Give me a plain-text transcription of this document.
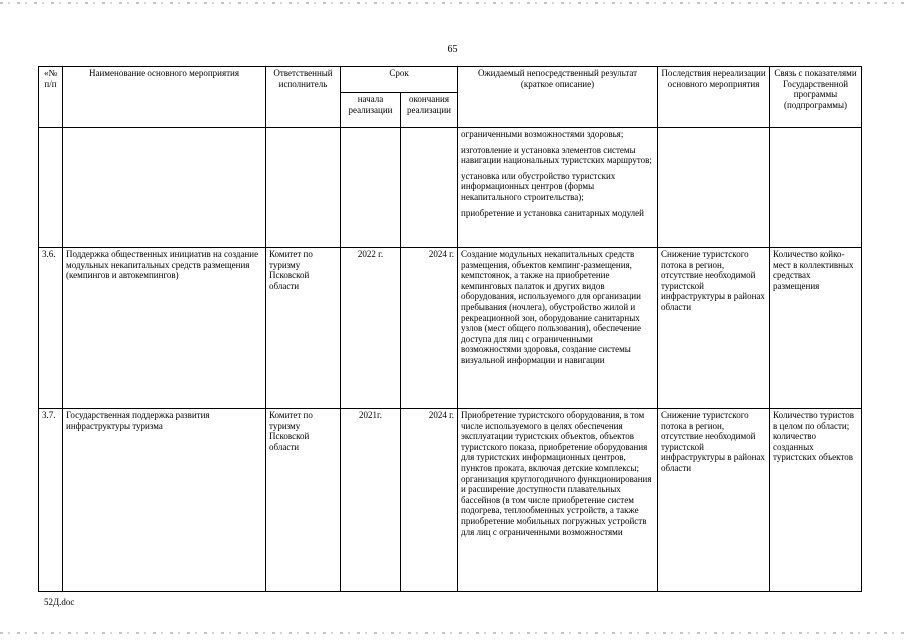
65
«№ п/п	Наименование основного мероприятия	Ответственный исполнитель	Срок		Ожидаемый непосредственный результат (краткое описание)	Последствия нереализации основного мероприятия	Связь с показателями Государственной программы (подпрограммы)
			начала реализации	окончания реализации			

					ограниченными возможностями здоровья;

изготовление и установка элементов системы навигации национальных туристских маршрутов;

установка или обустройство туристских информационных центров (формы некапитального строительства);

приобретение и установка санитарных модулей		

3.6.	Поддержка общественных инициатив на создание модульных некапитальных средств размещения (кемпингов и автокемпингов)	Комитет по туризму Псковской области	2022 г.	2024 г.	Создание модульных некапитальных средств размещения, объектов кемпинг-размещения, кемпстоянок, а также на приобретение кемпинговых палаток и других видов оборудования, используемого для организации пребывания (ночлега), обустройство жилой и рекреационной зон, оборудование санитарных узлов (мест общего пользования), обеспечение доступа для лиц с ограниченными возможностями здоровья, создание системы визуальной информации и навигации	Снижение туристского потока в регион, отсутствие необходимой туристской инфраструктуры в районах области	Количество койко-мест в коллективных средствах размещения
3.7.	Государственная поддержка развития инфраструктуры туризма	Комитет по туризму Псковской области	2021г.	2024 г.	Приобретение туристского оборудования, в том числе используемого в целях обеспечения эксплуатации туристских объектов, объектов туристского показа, приобретение оборудования для туристских информационных центров, пунктов проката, включая детские комплексы; организация круглогодичного функционирования и расширение доступности плавательных бассейнов (в том числе приобретение систем подогрева, теплообменных устройств, а также приобретение мобильных погружных устройств для лиц с ограниченными возможностями	Снижение туристского потока в регион, отсутствие необходимой туристской инфраструктуры в районах области	Количество туристов в целом по области; количество созданных туристских объектов
52Д.doc
